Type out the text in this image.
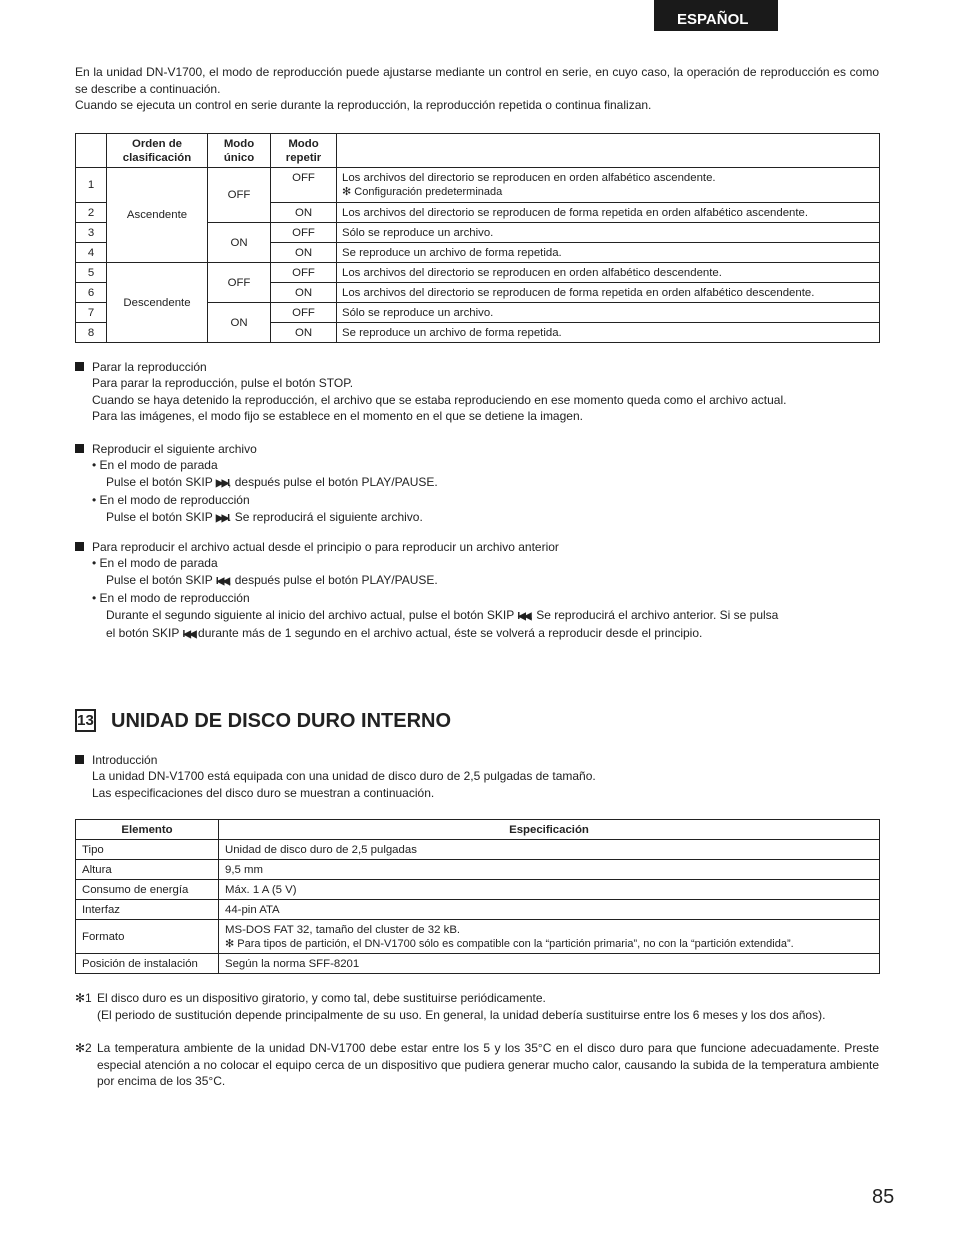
ESPAÑOL

En la unidad DN-V1700, el modo de reproducción puede ajustarse mediante un control en serie, en cuyo caso, la operación de reproducción es como se describe a continuación.

Cuando se ejecuta un control en serie durante la reproducción, la reproducción repetida o continua finalizan.

	Orden de clasificación	Modo único	Modo repetir	
1	Ascendente	OFF	OFF	Los archivos del directorio se reproducen en orden alfabético ascendente.
✻ Configuración predeterminada

2			ON	Los archivos del directorio se reproducen de forma repetida en orden alfabético ascendente.
3		ON	OFF	Sólo se reproduce un archivo.
4			ON	Se reproduce un archivo de forma repetida.
5	Descendente	OFF	OFF	Los archivos del directorio se reproducen en orden alfabético descendente.
6			ON	Los archivos del directorio se reproducen de forma repetida en orden alfabético descendente.
7		ON	OFF	Sólo se reproduce un archivo.
8			ON	Se reproduce un archivo de forma repetida.
Parar la reproducción
Para parar la reproducción, pulse el botón STOP.
Cuando se haya detenido la reproducción, el archivo que se estaba reproduciendo en ese momento queda como el archivo actual.
Para las imágenes, el modo fijo se establece en el momento en el que se detiene la imagen.
Reproducir el siguiente archivo
• En el modo de parada
Pulse el botón SKIP ▶▶I, después pulse el botón PLAY/PAUSE.
• En el modo de reproducción
Pulse el botón SKIP ▶▶I. Se reproducirá el siguiente archivo.
Para reproducir el archivo actual desde el principio o para reproducir un archivo anterior
• En el modo de parada
Pulse el botón SKIP I◀◀, después pulse el botón PLAY/PAUSE.
• En el modo de reproducción
Durante el segundo siguiente al inicio del archivo actual, pulse el botón SKIP I◀◀. Se reproducirá el archivo anterior. Si se pulsa
el botón SKIP I◀◀ durante más de 1 segundo en el archivo actual, éste se volverá a reproducir desde el principio.
13 UNIDAD DE DISCO DURO INTERNO
Introducción
La unidad DN-V1700 está equipada con una unidad de disco duro de 2,5 pulgadas de tamaño.
Las especificaciones del disco duro se muestran a continuación.
Elemento	Especificación
Tipo	Unidad de disco duro de 2,5 pulgadas
Altura	9,5 mm
Consumo de energía	Máx. 1 A (5 V)
Interfaz	44-pin ATA
Formato	MS-DOS FAT 32, tamaño del cluster de 32 kB.
✻ Para tipos de partición, el DN-V1700 sólo es compatible con la “partición primaria”, no con la “partición extendida”.

Posición de instalación	Según la norma SFF-8201
✻1 El disco duro es un dispositivo giratorio, y como tal, debe sustituirse periódicamente.
(El periodo de sustitución depende principalmente de su uso. En general, la unidad debería sustituirse entre los 6 meses y los dos años).
✻2 La temperatura ambiente de la unidad DN-V1700 debe estar entre los 5 y los 35°C en el disco duro para que funcione adecuadamente. Preste especial atención a no colocar el equipo cerca de un dispositivo que pudiera generar mucho calor, causando la subida de la temperatura ambiente por encima de los 35°C.
85
